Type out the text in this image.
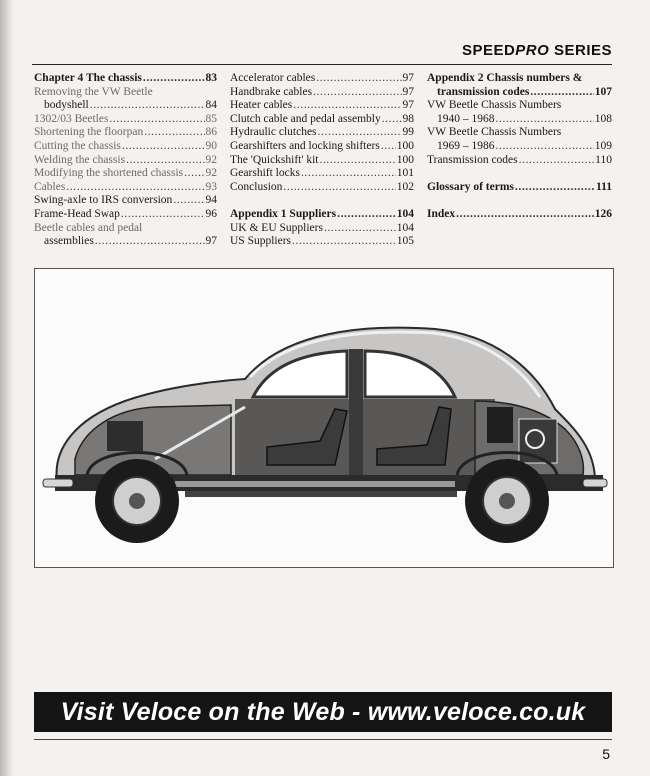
SPEEDPRO SERIES
Chapter 4 The chassis .....	83
Removing the VW Beetle
bodyshell .....	84
1302/03 Beetles .....	85
Shortening the floorpan .....	86
Cutting the chassis .....	90
Welding the chassis .....	92
Modifying the shortened chassis ..... 92
Cables .....	93
Swing-axle to IRS conversion .....	94
Frame-Head Swap .....	96
Beetle cables and pedal
assemblies .....	97
Accelerator cables .....	97
Handbrake cables .....	97
Heater cables .....	97
Clutch cable and pedal assembly ..... 98
Hydraulic clutches .....	99
Gearshifters and locking shifters ..... 100
The 'Quickshift' kit .....	100
Gearshift locks .....	101
Conclusion .....	102
Appendix 1 Suppliers .....	104
UK & EU Suppliers .....	104
US Suppliers .....	105
Appendix 2 Chassis numbers &
transmission codes .....	107
VW Beetle Chassis Numbers
1940 – 1968 .....	108
VW Beetle Chassis Numbers
1969 – 1986 .....	109
Transmission codes .....	110
Glossary of terms .....	111
Index .....	126
Visit Veloce on the Web - www.veloce.co.uk
5
